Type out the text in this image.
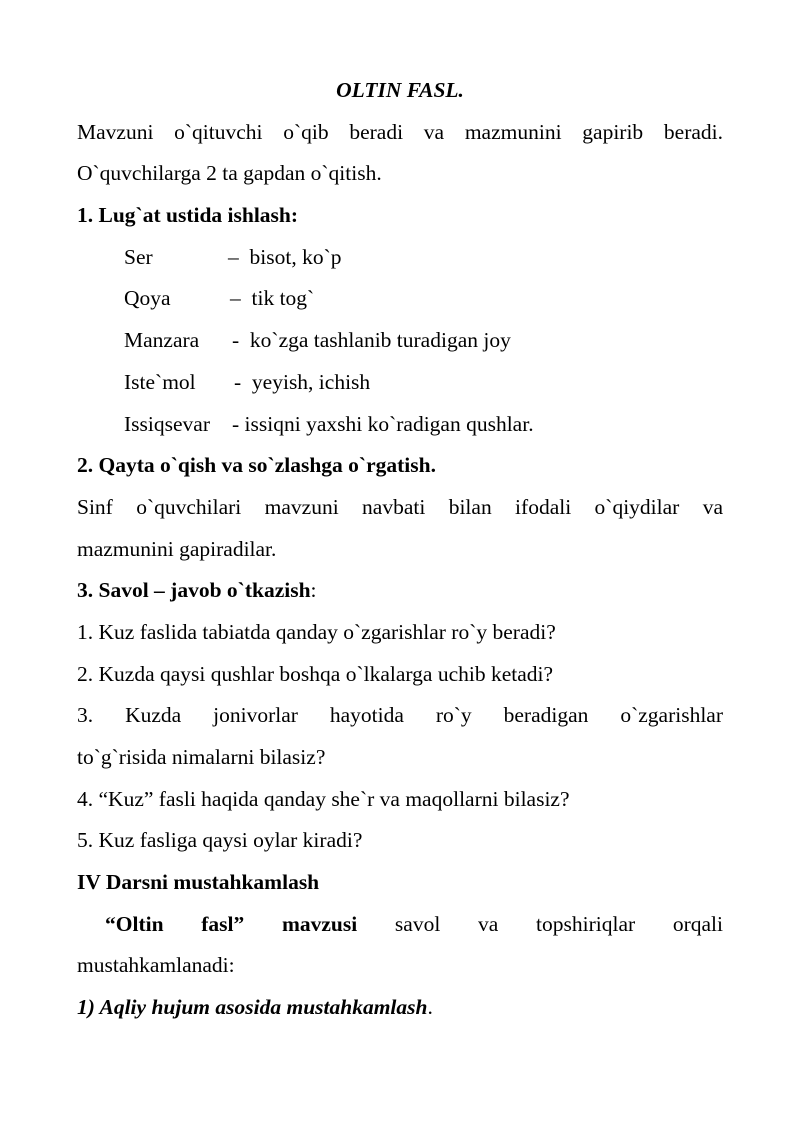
OLTIN FASL.
Mavzuni o`qituvchi o`qib beradi va mazmunini gapirib beradi.
O`quvchilarga 2 ta gapdan o`qitish.
1. Lug`at ustida ishlash:
Ser	– bisot, ko`p
Qoya	– tik tog`
Manzara - ko`zga tashlanib turadigan joy
Iste`mol - yeyish, ichish
Issiqsevar - issiqni yaxshi ko`radigan qushlar.
2. Qayta o`qish va so`zlashga o`rgatish.
Sinf o`quvchilari mavzuni navbati bilan ifodali o`qiydilar va
mazmunini gapiradilar.
3. Savol – javob o`tkazish:
1. Kuz faslida tabiatda qanday o`zgarishlar ro`y beradi?
2. Kuzda qaysi qushlar boshqa o`lkalarga uchib ketadi?
3. Kuzda jonivorlar hayotida ro`y beradigan o`zgarishlar
to`g`risida nimalarni bilasiz?
4. “Kuz” fasli haqida qanday she`r va maqollarni bilasiz?
5. Kuz fasliga qaysi oylar kiradi?
IV Darsni mustahkamlash
“Oltin fasl” mavzusi savol va topshiriqlar orqali
mustahkamlanadi:
1) Aqliy hujum asosida mustahkamlash.
